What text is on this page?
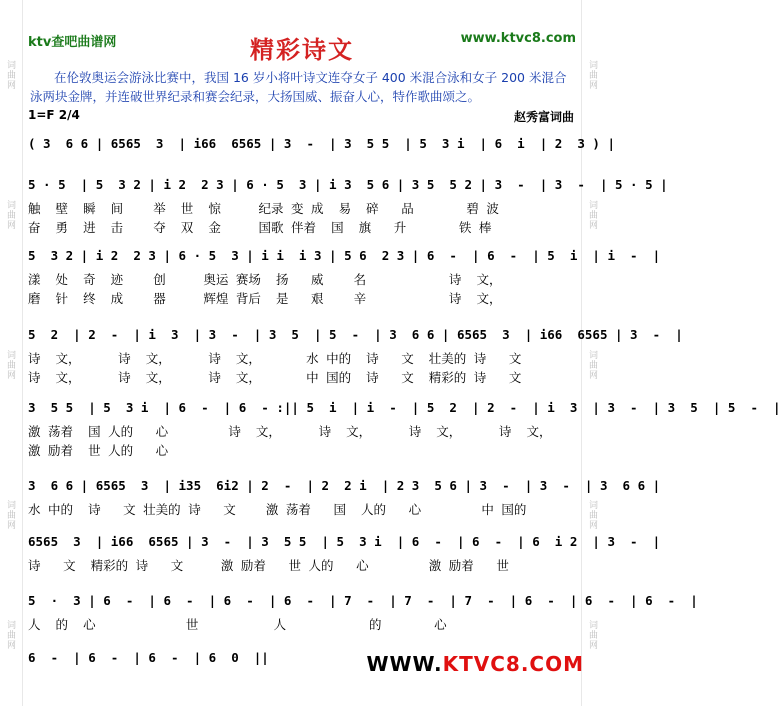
词曲网
词曲网
词曲网
词曲网
词曲网
词曲网
词曲网
词曲网
词曲网
词曲网
ktv查吧曲谱网	精彩诗文	www.ktvc8.com
在伦敦奥运会游泳比赛中，我国 16 岁小将叶诗文连夺女子 400 米混合泳和女子 200 米混合泳两块金牌，并连破世界纪录和赛会纪录，大扬国威、振奋人心，特作歌曲颂之。
1=F 2/4	赵秀富词曲
( 3  6 6 | 6565  3  | i66  6565 | 3  -  | 3  5 5  | 5  3 i  | 6  i  | 2  3 ) |
5 · 5  | 5  3 2 | i 2  2 3 | 6 · 5  3 | i 3  5 6 | 3 5  5 2 | 3  -  | 3  -  | 5 · 5 |
触  壁  瞬  间    举  世  惊     纪录 变 成  易  碎   品       碧 波
奋  勇  进  击    夺  双  金     国歌 伴着  国  旗   升       铁 棒
5  3 2 | i 2  2 3 | 6 · 5  3 | i i  i 3 | 5 6  2 3 | 6  -  | 6  -  | 5  i  | i  -  |
漾  处  奇  迹    创     奥运 赛场  扬   威    名           诗  文，
磨  针  终  成    器     辉煌 背后  是   艰    辛           诗  文，
5  2  | 2  -  | i  3  | 3  -  | 3  5  | 5  -  | 3  6 6 | 6565  3  | i66  6565 | 3  -  |
诗  文，     诗  文，     诗  文，      水 中的  诗   文  壮美的 诗   文
诗  文，     诗  文，     诗  文，      中 国的  诗   文  精彩的 诗   文
3  5 5  | 5  3 i  | 6  -  | 6  - :|| 5  i  | i  -  | 5  2  | 2  -  | i  3  | 3  -  | 3  5  | 5  -  |
激 荡着  国 人的   心        诗  文，     诗  文，     诗  文，     诗  文，
激 励着  世 人的   心
3  6 6 | 6565  3  | i35  6i2 | 2  -  | 2  2 i  | 2 3  5 6 | 3  -  | 3  -  | 3  6 6 |
水 中的  诗   文 壮美的 诗   文    激 荡着   国  人的   心        中 国的
6565  3  | i66  6565 | 3  -  | 3  5 5  | 5  3 i  | 6  -  | 6  -  | 6  i 2  | 3  -  |
诗   文  精彩的 诗   文     激 励着   世 人的   心        激 励着   世
5  ·  3 | 6  -  | 6  -  | 6  -  | 6  -  | 7  -  | 7  -  | 7  -  | 6  -  | 6  -  | 6  -  |
人  的  心            世          人           的       心
6  -  | 6  -  | 6  -  | 6  0  ||	WWW.KTVC8.COM
